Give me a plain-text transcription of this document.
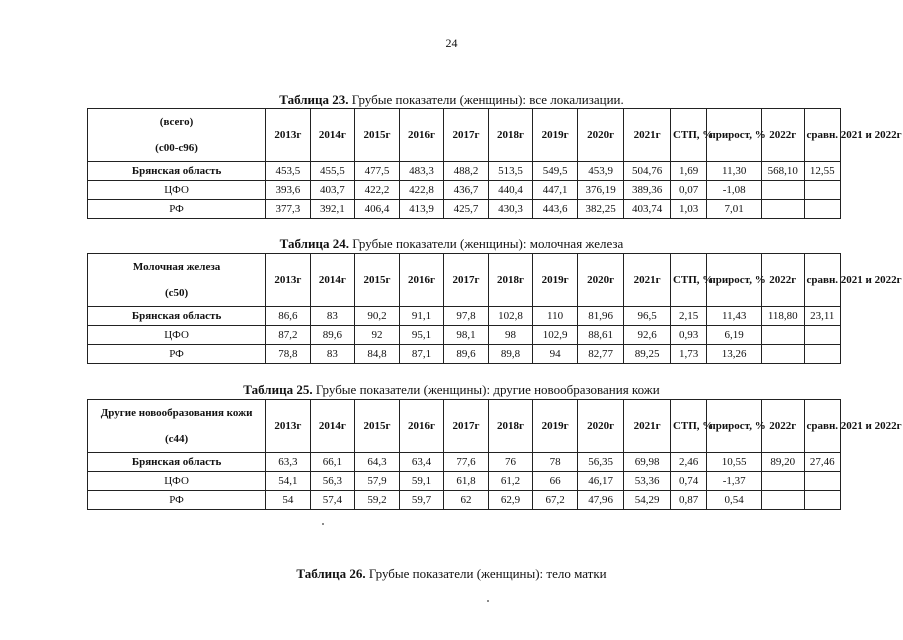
24
Таблица 23. Грубые показатели (женщины): все локализации.
(всего)
(с00-с96)	2013г	2014г	2015г	2016г	2017г	2018г	2019г	2020г	2021г	СТП, %	прирост, %	2022г	сравн. 2021 и 2022г
Брянская область	453,5	455,5	477,5	483,3	488,2	513,5	549,5	453,9	504,76	1,69	11,30	568,10	12,55
ЦФО	393,6	403,7	422,2	422,8	436,7	440,4	447,1	376,19	389,36	0,07	-1,08		
РФ	377,3	392,1	406,4	413,9	425,7	430,3	443,6	382,25	403,74	1,03	7,01		
Таблица 24. Грубые показатели (женщины): молочная железа
Молочная железа
(с50)	2013г	2014г	2015г	2016г	2017г	2018г	2019г	2020г	2021г	СТП, %	прирост, %	2022г	сравн. 2021 и 2022г
Брянская область	86,6	83	90,2	91,1	97,8	102,8	110	81,96	96,5	2,15	11,43	118,80	23,11
ЦФО	87,2	89,6	92	95,1	98,1	98	102,9	88,61	92,6	0,93	6,19		
РФ	78,8	83	84,8	87,1	89,6	89,8	94	82,77	89,25	1,73	13,26		
Таблица 25. Грубые показатели (женщины): другие новообразования кожи
Другие новообразования кожи
(с44)	2013г	2014г	2015г	2016г	2017г	2018г	2019г	2020г	2021г	СТП, %	прирост, %	2022г	сравн. 2021 и 2022г
Брянская область	63,3	66,1	64,3	63,4	77,6	76	78	56,35	69,98	2,46	10,55	89,20	27,46
ЦФО	54,1	56,3	57,9	59,1	61,8	61,2	66	46,17	53,36	0,74	-1,37		
РФ	54	57,4	59,2	59,7	62	62,9	67,2	47,96	54,29	0,87	0,54		
Таблица 26. Грубые показатели (женщины): тело матки
